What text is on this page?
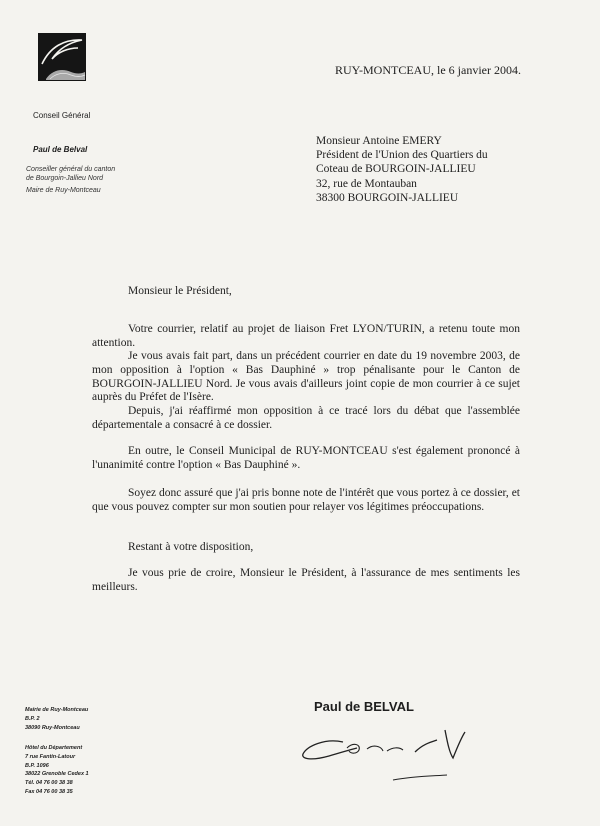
Conseil Général
Paul de Belval
Conseiller général du canton
de Bourgoin-Jallieu Nord
Maire de Ruy-Montceau
RUY-MONTCEAU, le 6 janvier 2004.
Monsieur Antoine EMERY
Président de l'Union des Quartiers du
Coteau de BOURGOIN-JALLIEU
32, rue de Montauban
38300 BOURGOIN-JALLIEU
Monsieur le Président,
Votre courrier, relatif au projet de liaison Fret LYON/TURIN, a retenu toute mon attention.
Je vous avais fait part, dans un précédent courrier en date du 19 novembre 2003, de mon opposition à l'option « Bas Dauphiné » trop pénalisante pour le Canton de BOURGOIN-JALLIEU Nord. Je vous avais d'ailleurs joint copie de mon courrier à ce sujet auprès du Préfet de l'Isère.
Depuis, j'ai réaffirmé mon opposition à ce tracé lors du débat que l'assemblée départementale a consacré à ce dossier.
En outre, le Conseil Municipal de RUY-MONTCEAU s'est également prononcé à l'unanimité contre l'option « Bas Dauphiné ».
Soyez donc assuré que j'ai pris bonne note de l'intérêt que vous portez à ce dossier, et que vous pouvez compter sur mon soutien pour relayer vos légitimes préoccupations.
Restant à votre disposition,
Je vous prie de croire, Monsieur le Président, à l'assurance de mes sentiments les meilleurs.
Mairie de Ruy-Montceau
B.P. 2
38090 Ruy-Montceau
Hôtel du Département
7 rue Fantin-Latour
B.P. 1096
38022 Grenoble Cedex 1
Tél. 04 76 00 38 38
Fax 04 76 00 38 35
Paul de BELVAL
